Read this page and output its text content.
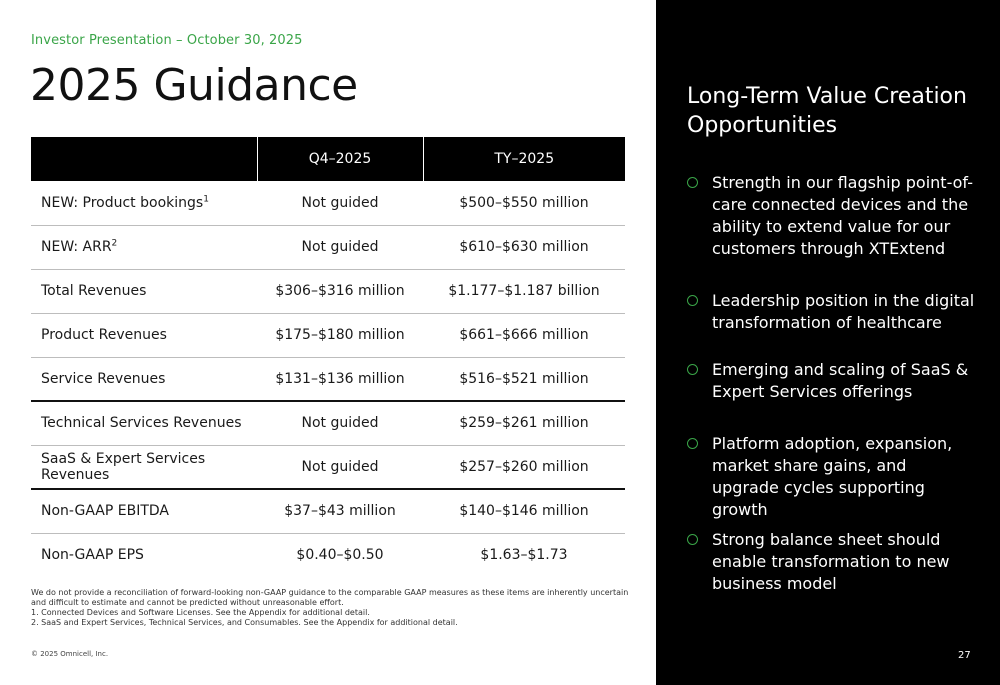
Investor Presentation – October 30, 2025
2025 Guidance
	Q4–2025	TY–2025
NEW: Product bookings$^1$	Not guided	$500–$550 million
NEW: ARR$^2$	Not guided	$610–$630 million
Total Revenues	$306–$316 million	$1.177–$1.187 billion
Product Revenues	$175–$180 million	$661–$666 million
Service Revenues	$131–$136 million	$516–$521 million
Technical Services Revenues	Not guided	$259–$261 million
SaaS & Expert Services Revenues	Not guided	$257–$260 million
Non-GAAP EBITDA	$37–$43 million	$140–$146 million
Non-GAAP EPS	$0.40–$0.50	$1.63–$1.73
We do not provide a reconciliation of forward-looking non-GAAP guidance to the comparable GAAP measures as these items are inherently uncertain and difficult to estimate and cannot be predicted without unreasonable effort.
1. Connected Devices and Software Licenses. See the Appendix for additional detail.
2. SaaS and Expert Services, Technical Services, and Consumables. See the Appendix for additional detail.
© 2025 Omnicell, Inc.
Long-Term Value Creation Opportunities
Strength in our flagship point-of-care connected devices and the ability to extend value for our customers through XTExtend
Leadership position in the digital transformation of healthcare
Emerging and scaling of SaaS & Expert Services offerings
Platform adoption, expansion, market share gains, and upgrade cycles supporting growth
Strong balance sheet should enable transformation to new business model
27
